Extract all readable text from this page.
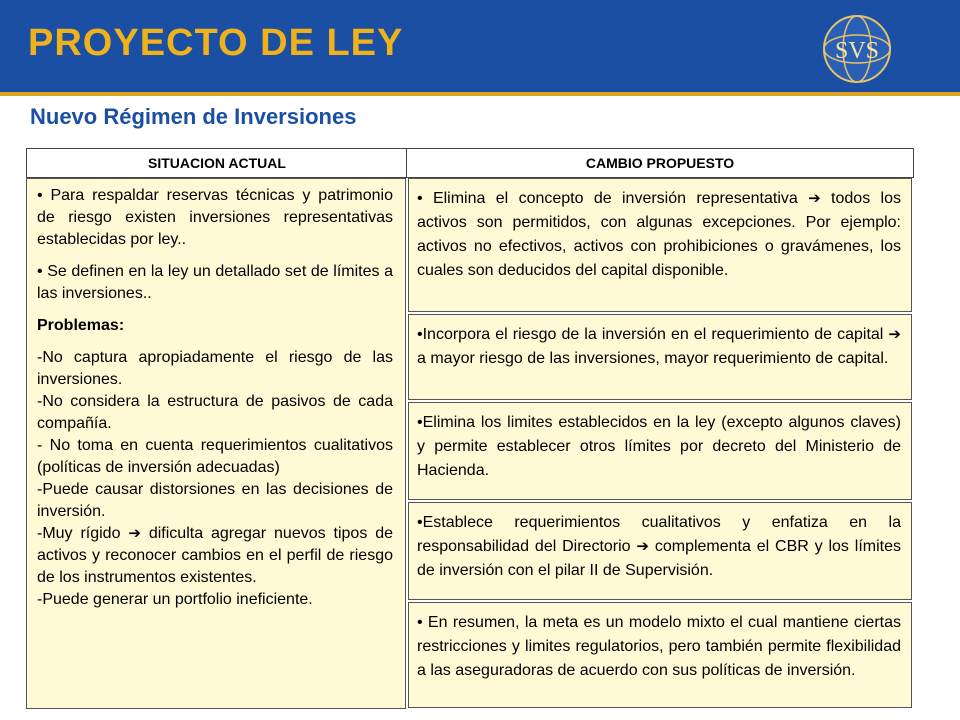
PROYECTO DE LEY	SVS
Nuevo Régimen de Inversiones
SITUACION ACTUAL	CAMBIO PROPUESTO

• Para respaldar reservas técnicas y patrimonio de riesgo existen inversiones representativas establecidas por ley..

• Se definen en la ley un detallado set de límites a las inversiones..

Problemas:

-No captura apropiadamente el riesgo de las inversiones.

-No considera la estructura de pasivos de cada compañía.

- No toma en cuenta requerimientos cualitativos (políticas de inversión adecuadas)

-Puede causar distorsiones en las decisiones de inversión.

-Muy rígido ➔ dificulta agregar nuevos tipos de activos y reconocer cambios en el perfil de riesgo de los instrumentos existentes.

-Puede generar un portfolio ineficiente.

• Elimina el concepto de inversión representativa ➔ todos los activos son permitidos, con algunas excepciones. Por ejemplo: activos no efectivos, activos con prohibiciones o gravámenes, los cuales son deducidos del capital disponible.
•Incorpora el riesgo de la inversión en el requerimiento de capital ➔ a mayor riesgo de las inversiones, mayor requerimiento de capital.
•Elimina los limites establecidos en la ley (excepto algunos claves) y permite establecer otros límites por decreto del Ministerio de Hacienda.
•Establece requerimientos cualitativos y enfatiza en la responsabilidad del Directorio ➔ complementa el CBR y los límites de inversión con el pilar II de Supervisión.
• En resumen, la meta es un modelo mixto el cual mantiene ciertas restricciones y limites regulatorios, pero también permite flexibilidad a las aseguradoras de acuerdo con sus políticas de inversión.
